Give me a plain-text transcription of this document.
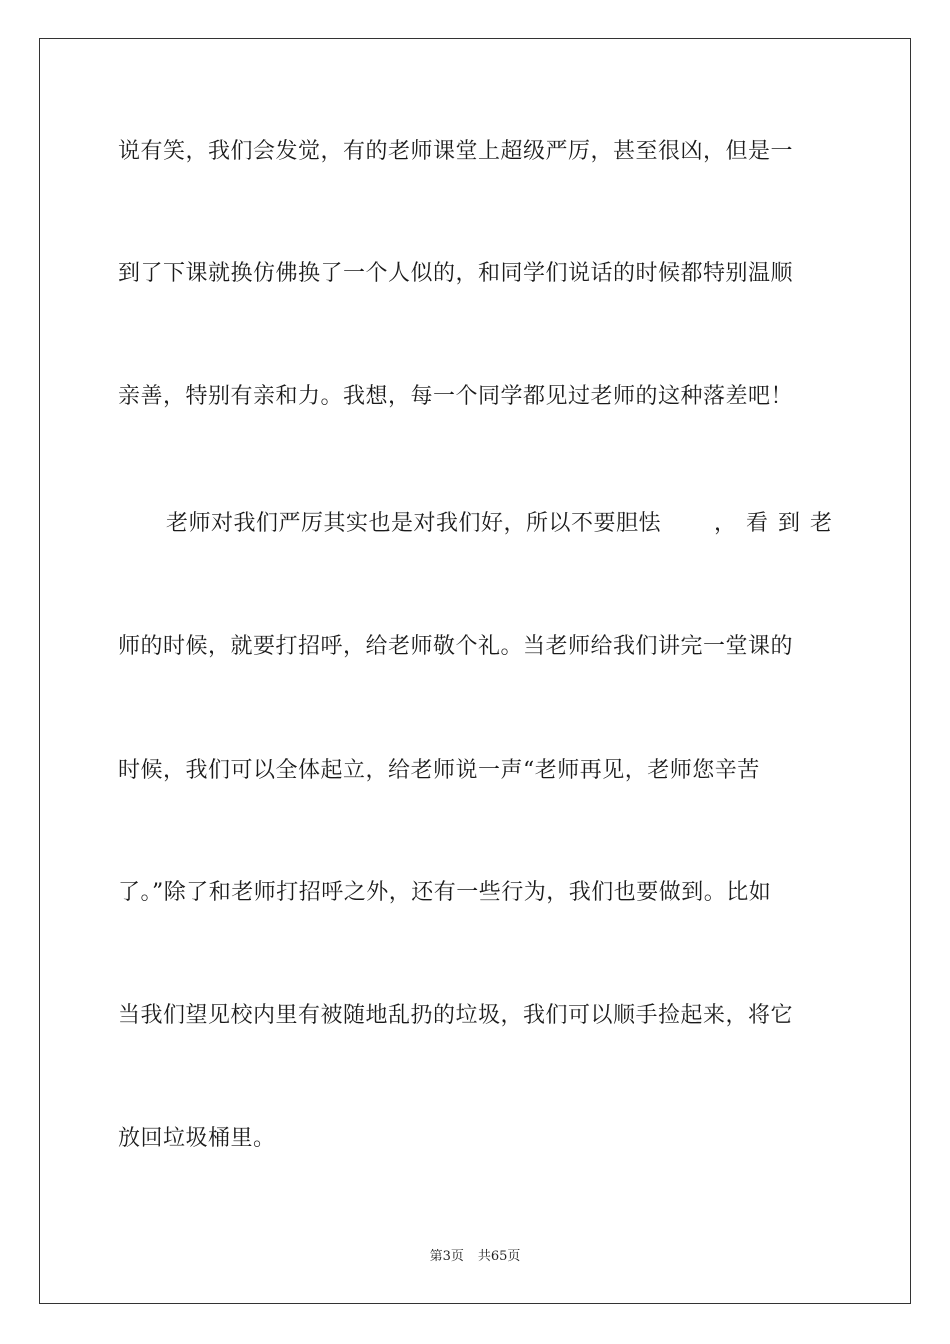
说有笑，我们会发觉，有的老师课堂上超级严厉，甚至很凶，但是一
到了下课就换仿佛换了一个人似的，和同学们说话的时候都特别温顺
亲善，特别有亲和力。我想，每一个同学都见过老师的这种落差吧！
老师对我们严厉其实也是对我们好，所以不要胆怯 ，看到老
师的时候，就要打招呼，给老师敬个礼。当老师给我们讲完一堂课的
时候，我们可以全体起立，给老师说一声“老师再见，老师您辛苦
了。”除了和老师打招呼之外，还有一些行为，我们也要做到。比如
当我们望见校内里有被随地乱扔的垃圾，我们可以顺手捡起来，将它
放回垃圾桶里。
第3页 共65页
